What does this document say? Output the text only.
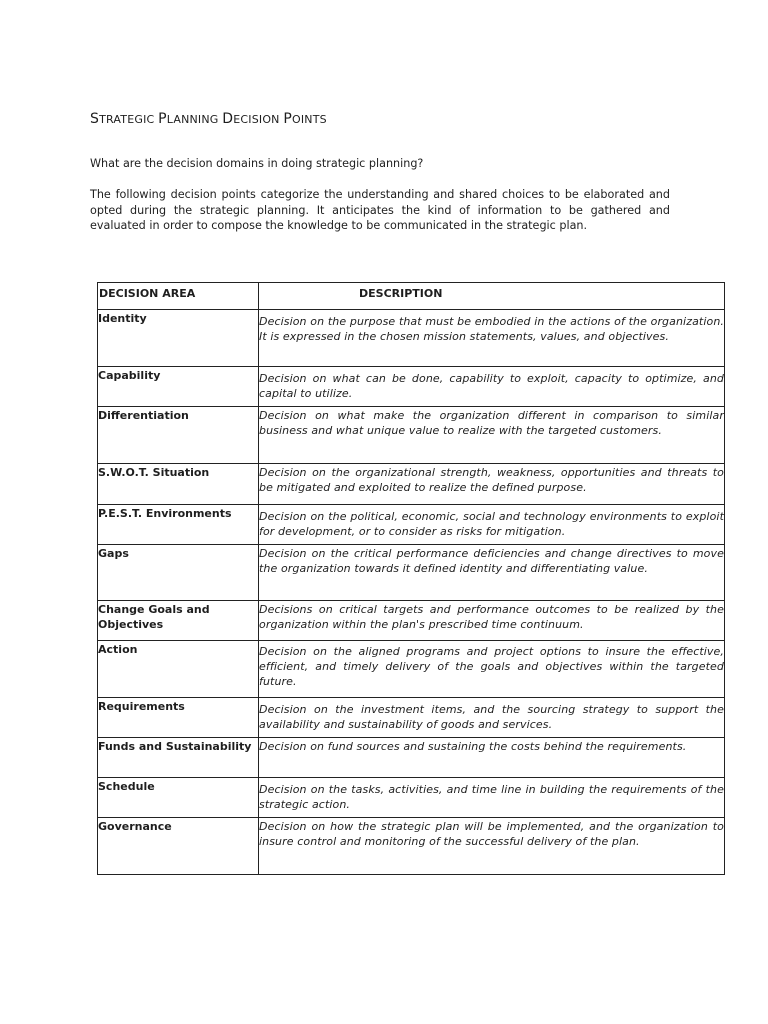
STRATEGIC PLANNING DECISION POINTS
What are the decision domains in doing strategic planning?
The following decision points categorize the understanding and shared choices to be elaborated and opted during the strategic planning. It anticipates the kind of information to be gathered and evaluated in order to compose the knowledge to be communicated in the strategic plan.
DECISION AREA	DESCRIPTION
Identity	Decision on the purpose that must be embodied in the actions of the organization. It is expressed in the chosen mission statements, values, and objectives.
Capability	Decision on what can be done, capability to exploit, capacity to optimize, and capital to utilize.
Differentiation	Decision on what make the organization different in comparison to similar business and what unique value to realize with the targeted customers.
S.W.O.T. Situation	Decision on the organizational strength, weakness, opportunities and threats to be mitigated and exploited to realize the defined purpose.
P.E.S.T. Environments	Decision on the political, economic, social and technology environments to exploit for development, or to consider as risks for mitigation.
Gaps	Decision on the critical performance deficiencies and change directives to move the organization towards it defined identity and differentiating value.
Change Goals and Objectives	Decisions on critical targets and performance outcomes to be realized by the organization within the plan's prescribed time continuum.
Action	Decision on the aligned programs and project options to insure the effective, efficient, and timely delivery of the goals and objectives within the targeted future.
Requirements	Decision on the investment items, and the sourcing strategy to support the availability and sustainability of goods and services.
Funds and Sustainability	Decision on fund sources and sustaining the costs behind the requirements.
Schedule	Decision on the tasks, activities, and time line in building the requirements of the strategic action.
Governance	Decision on how the strategic plan will be implemented, and the organization to insure control and monitoring of the successful delivery of the plan.
